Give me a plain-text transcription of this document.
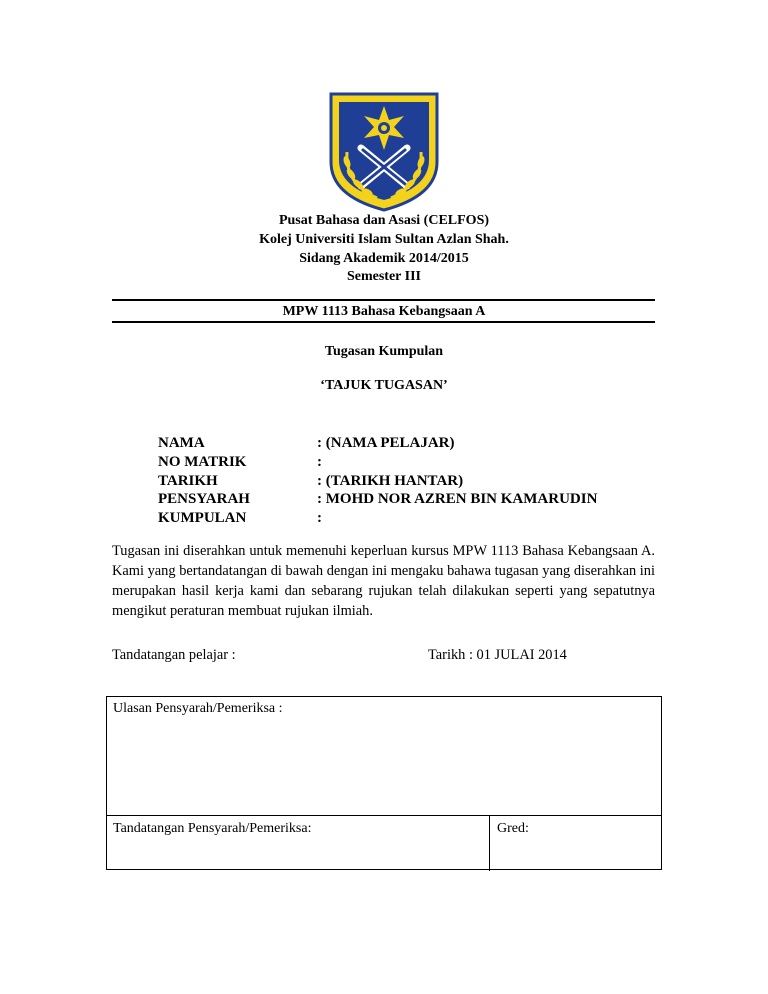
Pusat Bahasa dan Asasi (CELFOS)
Kolej Universiti Islam Sultan Azlan Shah.
Sidang Akademik 2014/2015
Semester III
MPW 1113 Bahasa Kebangsaan A
Tugasan Kumpulan
‘TAJUK TUGASAN’
NAMA	: (NAMA PELAJAR)
NO MATRIK	:
TARIKH	: (TARIKH HANTAR)
PENSYARAH	: MOHD NOR AZREN BIN KAMARUDIN
KUMPULAN	:
Tugasan ini diserahkan untuk memenuhi keperluan kursus MPW 1113 Bahasa Kebangsaan A. Kami yang bertandatangan di bawah dengan ini mengaku bahawa tugasan yang diserahkan ini merupakan hasil kerja kami dan sebarang rujukan telah dilakukan seperti yang sepatutnya mengikut peraturan membuat rujukan ilmiah.
Tandatangan pelajar :	Tarikh : 01 JULAI 2014
Ulasan Pensyarah/Pemeriksa :
Tandatangan Pensyarah/Pemeriksa:	Gred:
